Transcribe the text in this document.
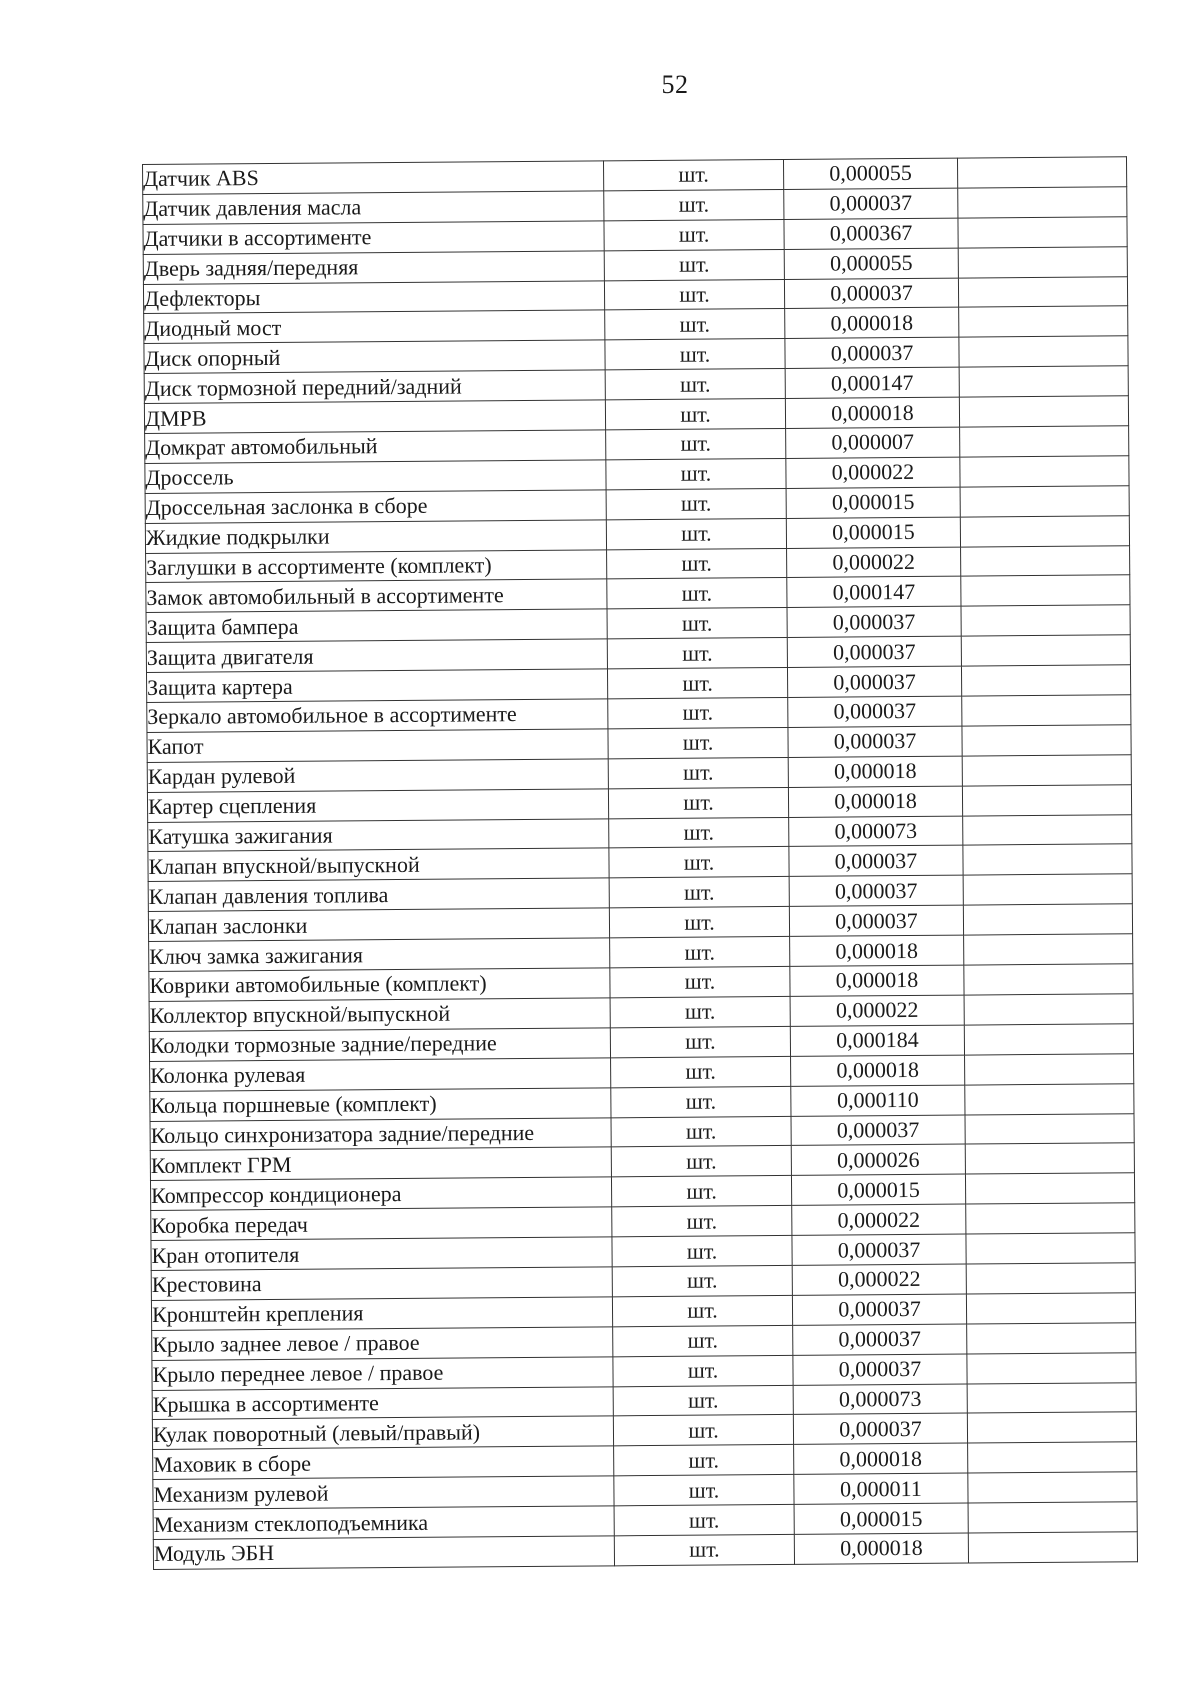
52
Датчик ABS	шт.	0,000055	
Датчик давления масла	шт.	0,000037	
Датчики в ассортименте	шт.	0,000367	
Дверь задняя/передняя	шт.	0,000055	
Дефлекторы	шт.	0,000037	
Диодный мост	шт.	0,000018	
Диск опорный	шт.	0,000037	
Диск тормозной передний/задний	шт.	0,000147	
ДМРВ	шт.	0,000018	
Домкрат автомобильный	шт.	0,000007	
Дроссель	шт.	0,000022	
Дроссельная заслонка в сборе	шт.	0,000015	
Жидкие подкрылки	шт.	0,000015	
Заглушки в ассортименте (комплект)	шт.	0,000022	
Замок автомобильный в ассортименте	шт.	0,000147	
Защита бампера	шт.	0,000037	
Защита двигателя	шт.	0,000037	
Защита картера	шт.	0,000037	
Зеркало автомобильное в ассортименте	шт.	0,000037	
Капот	шт.	0,000037	
Кардан рулевой	шт.	0,000018	
Картер сцепления	шт.	0,000018	
Катушка зажигания	шт.	0,000073	
Клапан впускной/выпускной	шт.	0,000037	
Клапан давления топлива	шт.	0,000037	
Клапан заслонки	шт.	0,000037	
Ключ замка зажигания	шт.	0,000018	
Коврики автомобильные (комплект)	шт.	0,000018	
Коллектор впускной/выпускной	шт.	0,000022	
Колодки тормозные задние/передние	шт.	0,000184	
Колонка рулевая	шт.	0,000018	
Кольца поршневые (комплект)	шт.	0,000110	
Кольцо синхронизатора задние/передние	шт.	0,000037	
Комплект ГРМ	шт.	0,000026	
Компрессор кондиционера	шт.	0,000015	
Коробка передач	шт.	0,000022	
Кран отопителя	шт.	0,000037	
Крестовина	шт.	0,000022	
Кронштейн крепления	шт.	0,000037	
Крыло заднее левое / правое	шт.	0,000037	
Крыло переднее левое / правое	шт.	0,000037	
Крышка в ассортименте	шт.	0,000073	
Кулак поворотный (левый/правый)	шт.	0,000037	
Маховик в сборе	шт.	0,000018	
Механизм рулевой	шт.	0,000011	
Механизм стеклоподъемника	шт.	0,000015	
Модуль ЭБН	шт.	0,000018	
